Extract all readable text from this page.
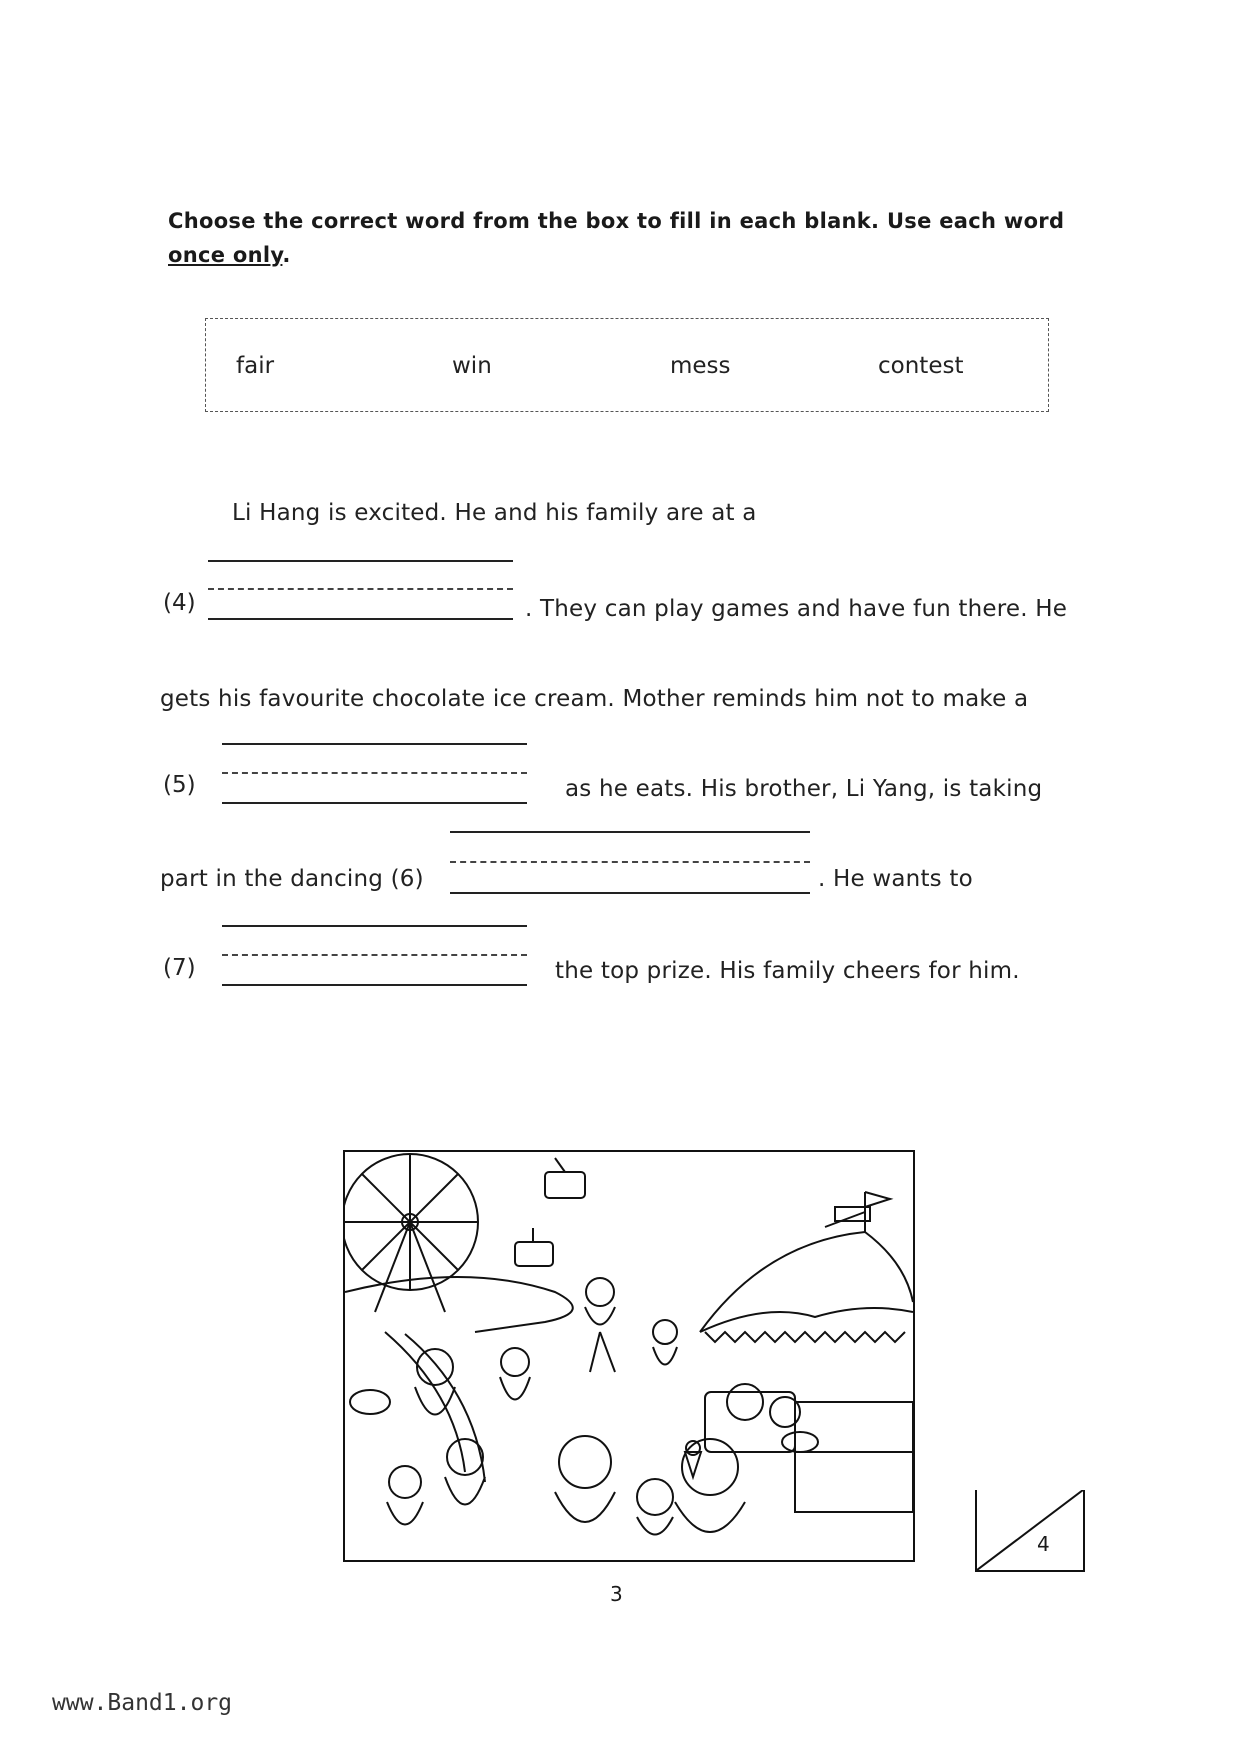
Choose the correct word from the box to fill in each blank. Use each word once only.
fair	win	mess	contest
Li Hang is excited. He and his family are at a
(4)	. They can play games and have fun there. He
gets his favourite chocolate ice cream. Mother reminds him not to make a
(5)	as he eats. His brother, Li Yang, is taking
part in the dancing (6)	. He wants to
(7)	the top prize. His family cheers for him.
4
3
www.Band1.org
